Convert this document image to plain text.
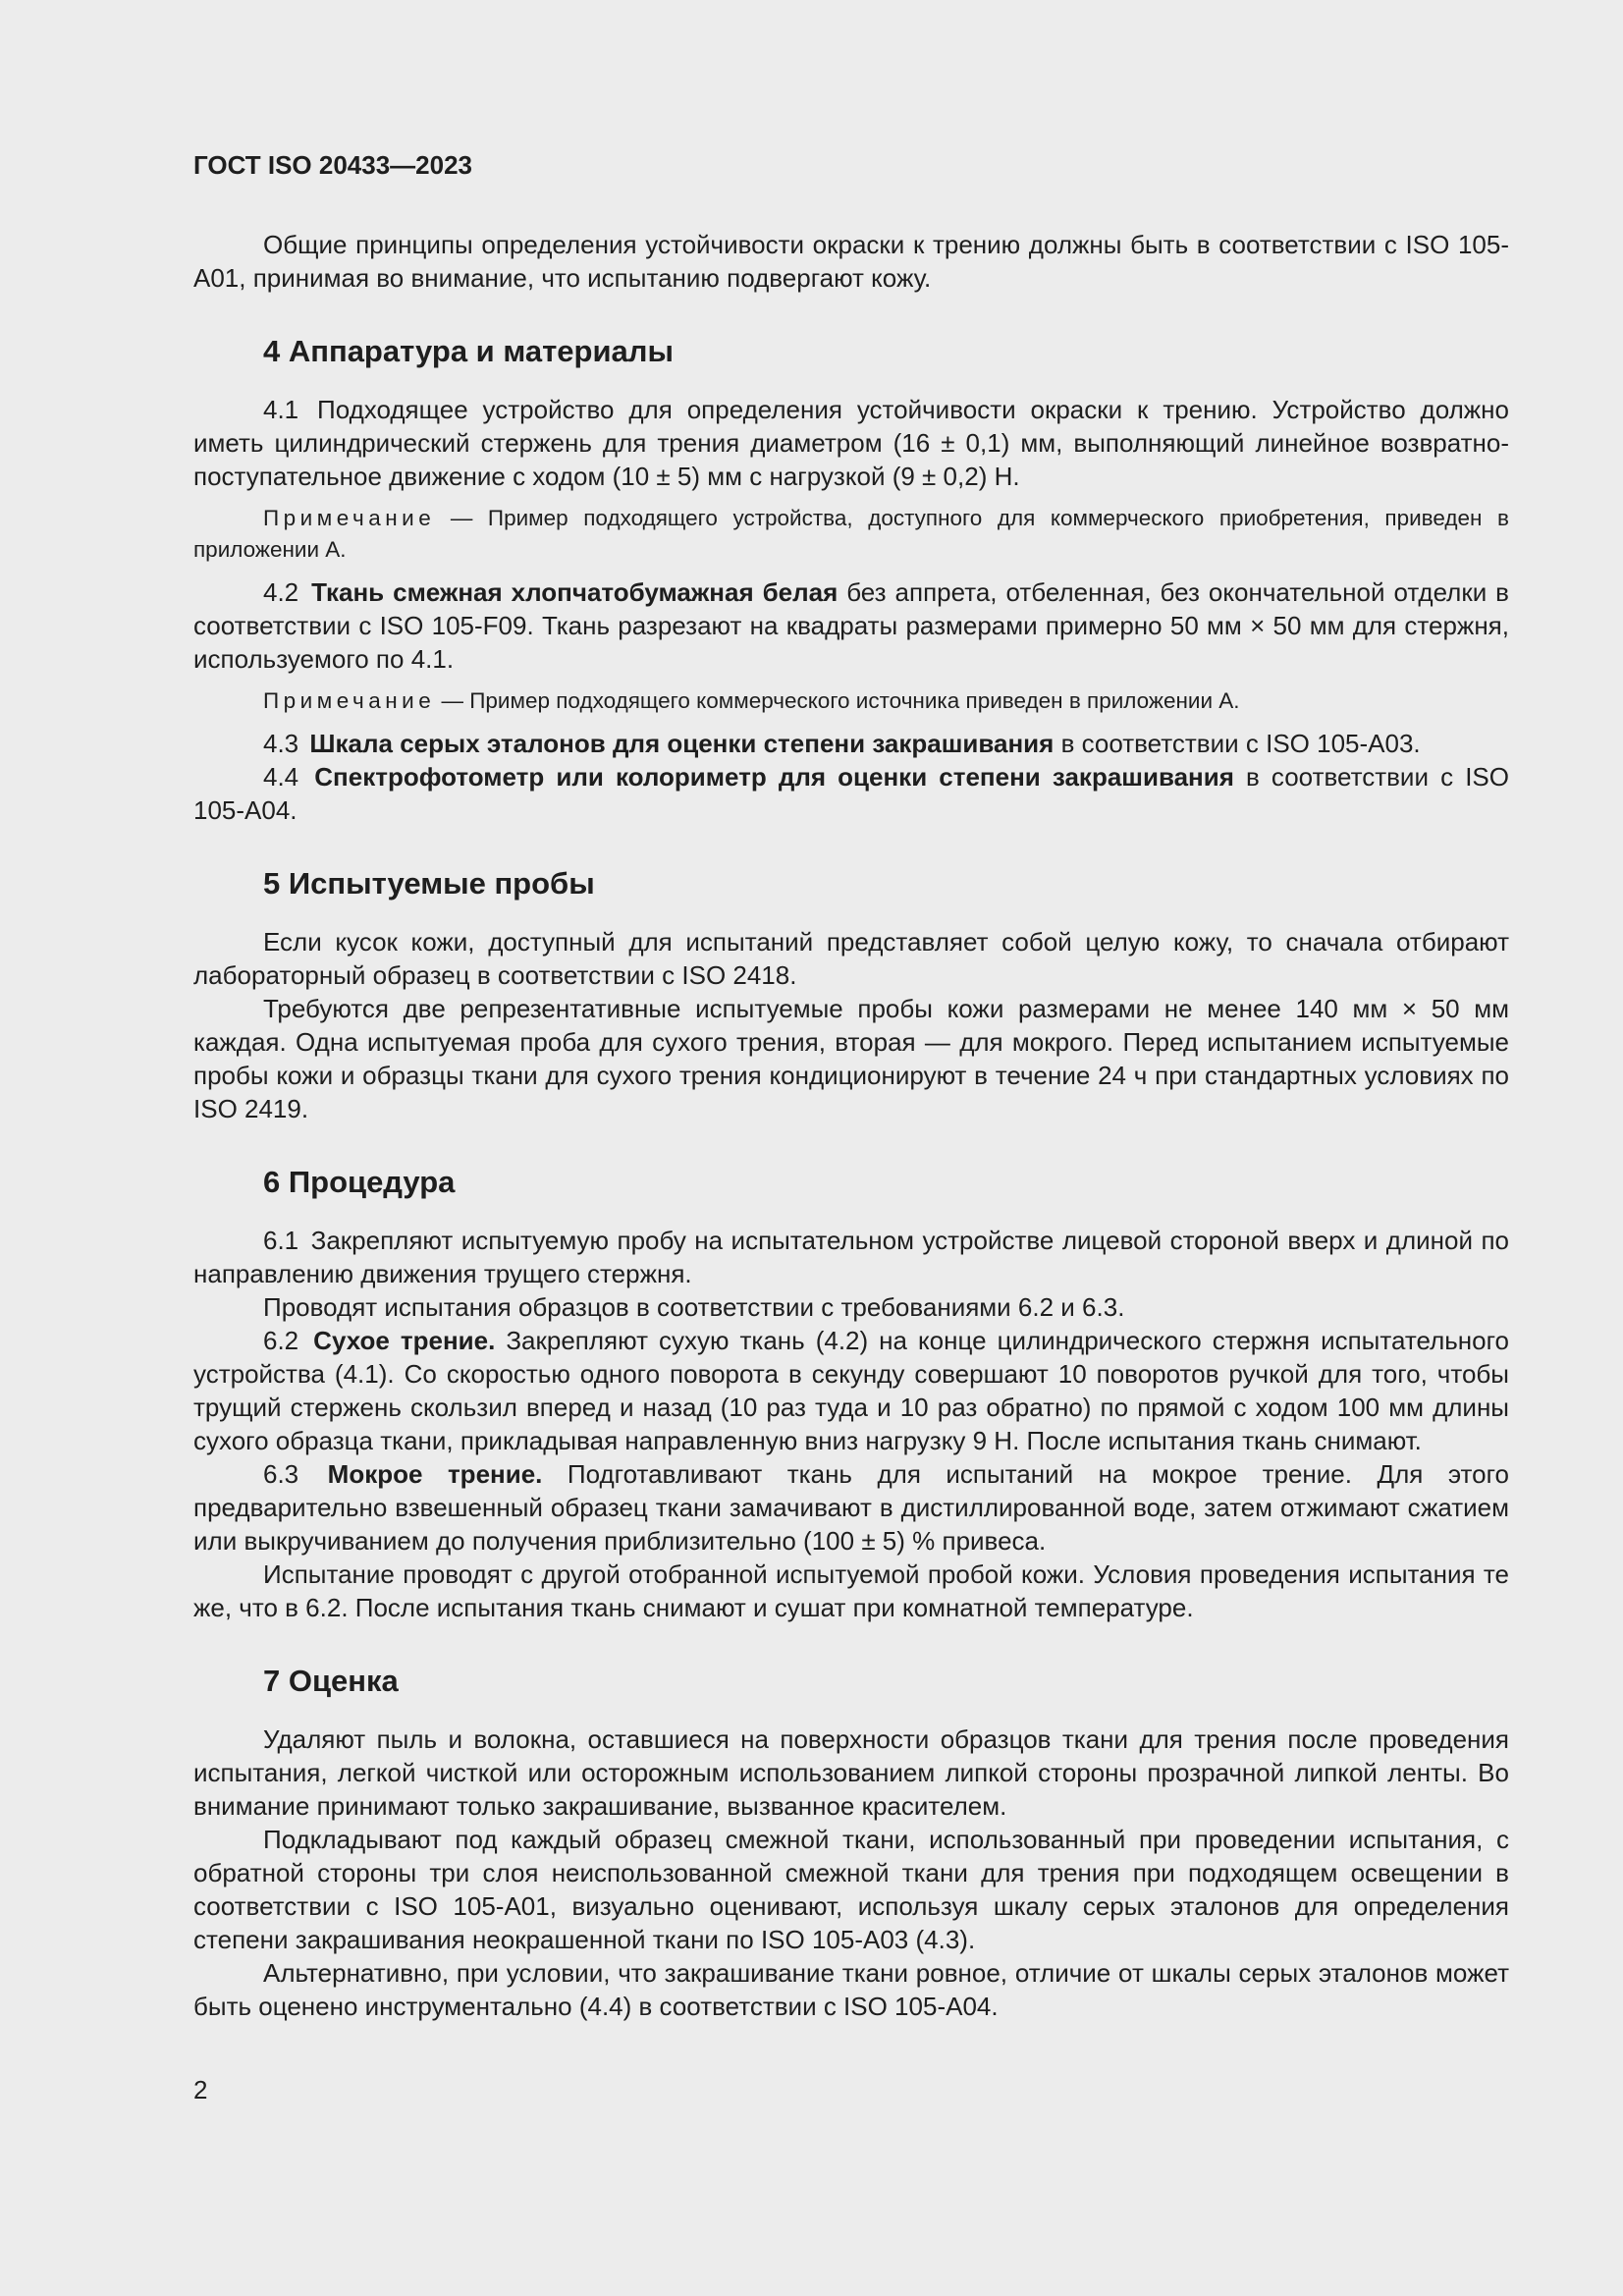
ГОСТ ISO 20433—2023

Общие принципы определения устойчивости окраски к трению должны быть в соответствии с ISO 105-A01, принимая во внимание, что испытанию подвергают кожу.

4 Аппаратура и материалы

4.1 Подходящее устройство для определения устойчивости окраски к трению. Устройство должно иметь цилиндрический стержень для трения диаметром (16 ± 0,1) мм, выполняющий линейное возвратно-поступательное движение с ходом (10 ± 5) мм с нагрузкой (9 ± 0,2) Н.

Примечание — Пример подходящего устройства, доступного для коммерческого приобретения, приведен в приложении А.

4.2 Ткань смежная хлопчатобумажная белая без аппрета, отбеленная, без окончательной отделки в соответствии с ISO 105-F09. Ткань разрезают на квадраты размерами примерно 50 мм × 50 мм для стержня, используемого по 4.1.

Примечание — Пример подходящего коммерческого источника приведен в приложении А.

4.3 Шкала серых эталонов для оценки степени закрашивания в соответствии с ISO 105-A03.

4.4 Спектрофотометр или колориметр для оценки степени закрашивания в соответствии с ISO 105-A04.

5 Испытуемые пробы

Если кусок кожи, доступный для испытаний представляет собой целую кожу, то сначала отбирают лабораторный образец в соответствии с ISO 2418.

Требуются две репрезентативные испытуемые пробы кожи размерами не менее 140 мм × 50 мм каждая. Одна испытуемая проба для сухого трения, вторая — для мокрого. Перед испытанием испытуемые пробы кожи и образцы ткани для сухого трения кондиционируют в течение 24 ч при стандартных условиях по ISO 2419.

6 Процедура

6.1 Закрепляют испытуемую пробу на испытательном устройстве лицевой стороной вверх и длиной по направлению движения трущего стержня.

Проводят испытания образцов в соответствии с требованиями 6.2 и 6.3.

6.2 Сухое трение. Закрепляют сухую ткань (4.2) на конце цилиндрического стержня испытательного устройства (4.1). Со скоростью одного поворота в секунду совершают 10 поворотов ручкой для того, чтобы трущий стержень скользил вперед и назад (10 раз туда и 10 раз обратно) по прямой с ходом 100 мм длины сухого образца ткани, прикладывая направленную вниз нагрузку 9 Н. После испытания ткань снимают.

6.3 Мокрое трение. Подготавливают ткань для испытаний на мокрое трение. Для этого предварительно взвешенный образец ткани замачивают в дистиллированной воде, затем отжимают сжатием или выкручиванием до получения приблизительно (100 ± 5) % привеса.

Испытание проводят с другой отобранной испытуемой пробой кожи. Условия проведения испытания те же, что в 6.2. После испытания ткань снимают и сушат при комнатной температуре.

7 Оценка

Удаляют пыль и волокна, оставшиеся на поверхности образцов ткани для трения после проведения испытания, легкой чисткой или осторожным использованием липкой стороны прозрачной липкой ленты. Во внимание принимают только закрашивание, вызванное красителем.

Подкладывают под каждый образец смежной ткани, использованный при проведении испытания, с обратной стороны три слоя неиспользованной смежной ткани для трения при подходящем освещении в соответствии с ISO 105-A01, визуально оценивают, используя шкалу серых эталонов для определения степени закрашивания неокрашенной ткани по ISO 105-A03 (4.3).

Альтернативно, при условии, что закрашивание ткани ровное, отличие от шкалы серых эталонов может быть оценено инструментально (4.4) в соответствии с ISO 105-A04.

2
